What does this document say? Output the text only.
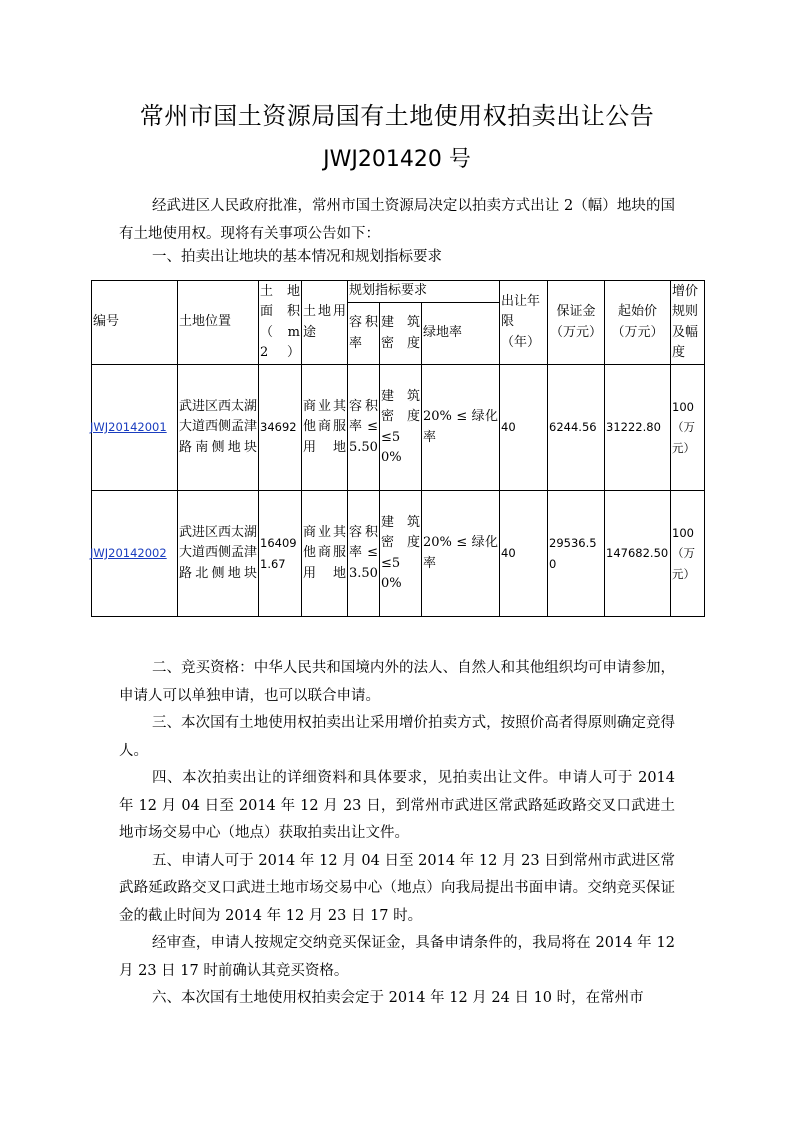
常州市国土资源局国有土地使用权拍卖出让公告
JWJ201420 号
经武进区人民政府批准，常州市国土资源局决定以拍卖方式出让 2（幅）地块的国有土地使用权。现将有关事项公告如下：
一、拍卖出让地块的基本情况和规划指标要求
编号	土地位置	土　地面积（m2）	土地用途	规划指标要求			出让年限（年）	保证金（万元）	起始价（万元）	增价规则及幅度
				容积率	建　筑密　度	绿地率				
JWJ20142001	武进区西太湖大道西侧孟津路南侧地块	34692	商业其他商服用地	容积率≤5.50	建　筑密　度≤50%	20% ≤ 绿化率	40	6244.56	31222.80	100（万元）
JWJ20142002	武进区西太湖大道西侧孟津路北侧地块	164091.67	商业其他商服用地	容积率≤3.50	建　筑密　度≤50%	20% ≤ 绿化率	40	29536.50	147682.50	100（万元）

二、竞买资格：中华人民共和国境内外的法人、自然人和其他组织均可申请参加，申请人可以单独申请，也可以联合申请。

三、本次国有土地使用权拍卖出让采用增价拍卖方式，按照价高者得原则确定竞得人。

四、本次拍卖出让的详细资料和具体要求，见拍卖出让文件。申请人可于 2014 年 12 月 04 日至 2014 年 12 月 23 日，到常州市武进区常武路延政路交叉口武进土地市场交易中心（地点）获取拍卖出让文件。

五、申请人可于 2014 年 12 月 04 日至 2014 年 12 月 23 日到常州市武进区常武路延政路交叉口武进土地市场交易中心（地点）向我局提出书面申请。交纳竞买保证金的截止时间为 2014 年 12 月 23 日 17 时。

经审查，申请人按规定交纳竞买保证金，具备申请条件的，我局将在 2014 年 12 月 23 日 17 时前确认其竞买资格。

六、本次国有土地使用权拍卖会定于 2014 年 12 月 24 日 10 时，在常州市
